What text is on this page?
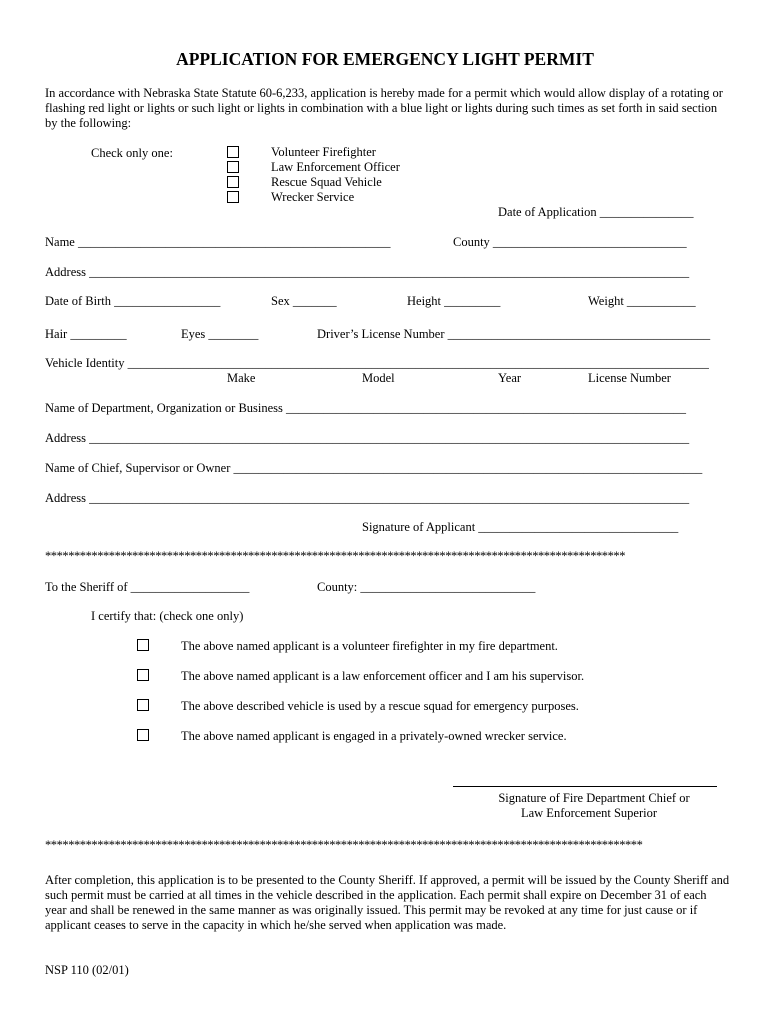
APPLICATION FOR EMERGENCY LIGHT PERMIT
In accordance with Nebraska State Statute 60-6,233, application is hereby made for a permit which would allow display of a rotating or flashing red light or lights or such light or lights in combination with a blue light or lights during such times as set forth in said section by the following:
Check only one:	Volunteer Firefighter
Law Enforcement Officer
Rescue Squad Vehicle
Wrecker Service
Date of Application _______________
Name __________________________________________________	County _______________________________
Address ________________________________________________________________________________________________
Date of Birth _________________	Sex _______	Height _________	Weight ___________
Hair _________	Eyes ________	Driver’s License Number __________________________________________
Vehicle Identity _____________________________________________________________________________________________
Make	Model	Year	License Number
Name of Department, Organization or Business ________________________________________________________________
Address ________________________________________________________________________________________________
Name of Chief, Supervisor or Owner ___________________________________________________________________________
Address ________________________________________________________________________________________________
Signature of Applicant ________________________________
****************************************************************************************************
To the Sheriff of ___________________	County: ____________________________
I certify that: (check one only)
The above named applicant is a volunteer firefighter in my fire department.
The above named applicant is a law enforcement officer and I am his supervisor.
The above described vehicle is used by a rescue squad for emergency purposes.
The above named applicant is engaged in a privately-owned wrecker service.
Signature of Fire Department Chief or
Law Enforcement Superior
*******************************************************************************************************
After completion, this application is to be presented to the County Sheriff. If approved, a permit will be issued by the County Sheriff and such permit must be carried at all times in the vehicle described in the application. Each permit shall expire on December 31 of each year and shall be renewed in the same manner as was originally issued. This permit may be revoked at any time for just cause or if applicant ceases to serve in the capacity in which he/she served when application was made.
NSP 110 (02/01)
